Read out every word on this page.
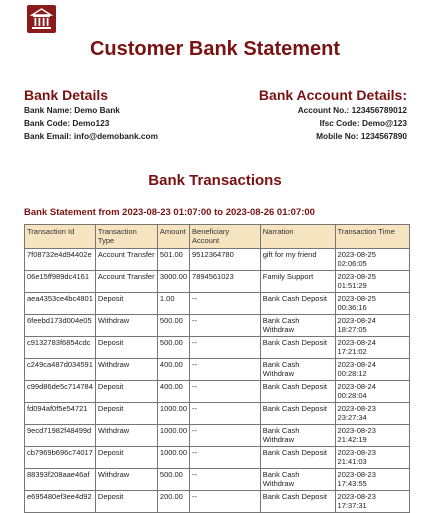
Customer Bank Statement
Bank Details	Bank Account Details:
Bank Name: Demo Bank
Bank Code: Demo123
Bank Email: info@demobank.com
Account No.: 123456789012
Ifsc Code: Demo@123
Mobile No: 1234567890
Bank Transactions
Bank Statement from 2023-08-23 01:07:00 to 2023-08-26 01:07:00
Transaction Id	Transaction Type	Amount	Beneficiary Account	Narration	Transaction Time
7f08732e4d94402e	Account Transfer	501.00	9512364780	gift for my friend	2023-08-25 02:06:05
06e15ff989dc4161	Account Transfer	3000.00	7894561023	Family Support	2023-08-25 01:51:29
aea4353ce4bc4801	Deposit	1.00	--	Bank Cash Deposit	2023-08-25 00:36:16
6feebd173d004e05	Withdraw	500.00	--	Bank Cash Withdraw	2023-08-24 18:27:05
c9132783f6854cdc	Deposit	500.00	--	Bank Cash Deposit	2023-08-24 17:21:02
c249ca487d034591	Withdraw	400.00	--	Bank Cash Withdraw	2023-08-24 00:28:12
c99d86de5c714784	Deposit	400.00	--	Bank Cash Deposit	2023-08-24 00:28:04
fd094af0f5e54721	Deposit	1000.00	--	Bank Cash Deposit	2023-08-23 23:27:34
9ecd71982f48499d	Withdraw	1000.00	--	Bank Cash Withdraw	2023-08-23 21:42:19
cb7969b696c74017	Deposit	1000.00	--	Bank Cash Deposit	2023-08-23 21:41:03
88393f208aae46af	Withdraw	500.00	--	Bank Cash Withdraw	2023-08-23 17:43:55
e695480ef3ee4d92	Deposit	200.00	--	Bank Cash Deposit	2023-08-23 17:37:31
